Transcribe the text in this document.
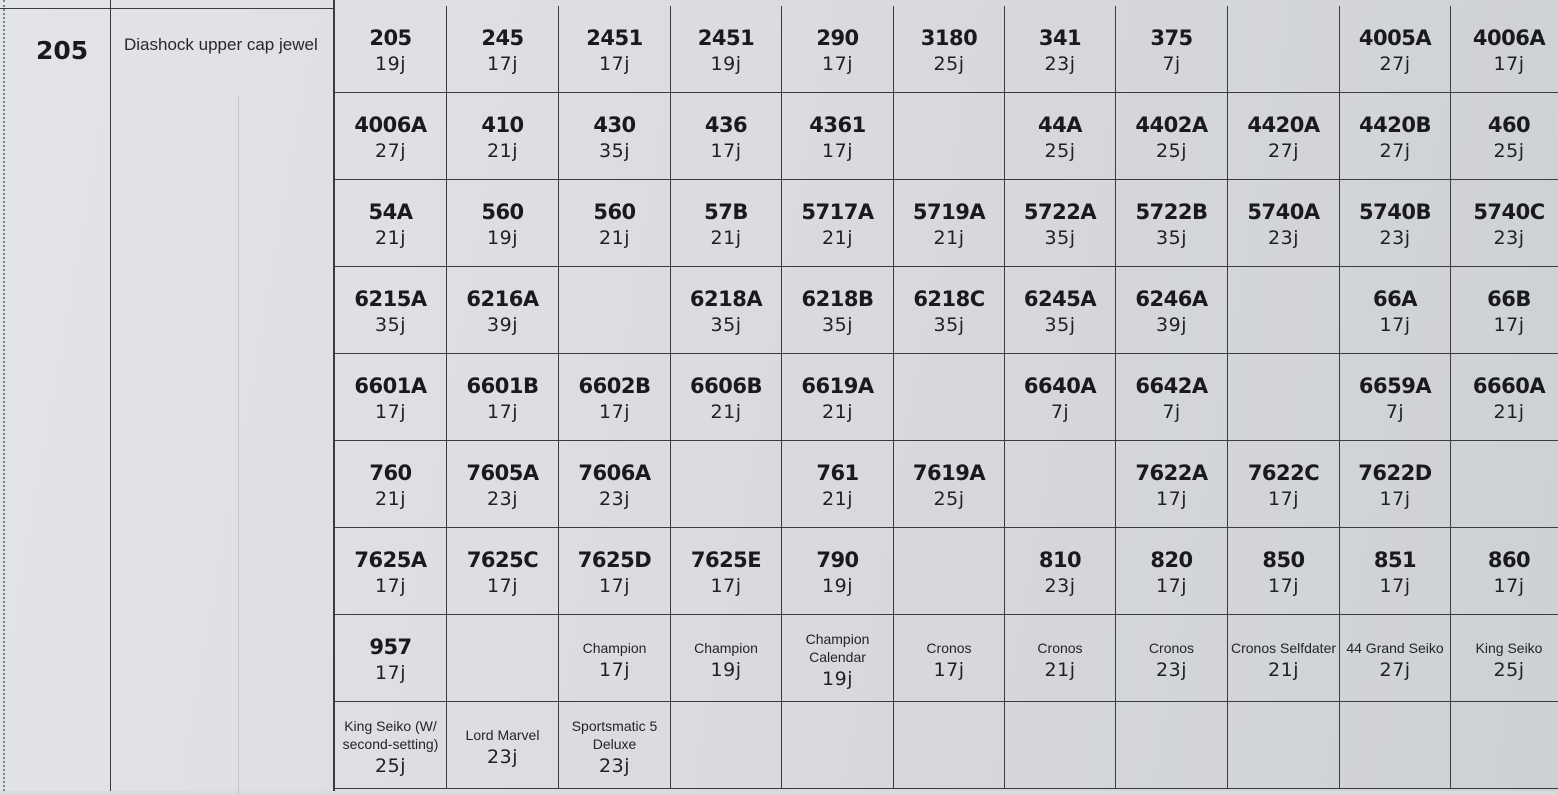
205 Diashock upper cap jewel 205
19j
245
17j
2451
17j
2451
19j
290
17j
3180
25j
341
23j
375
7j
4005A
27j
4006A
17j
4006A
27j
410
21j
430
35j
436
17j
4361
17j
44A
25j
4402A
25j
4420A
27j
4420B
27j
460
25j
54A
21j
560
19j
560
21j
57B
21j
5717A
21j
5719A
21j
5722A
35j
5722B
35j
5740A
23j
5740B
23j
5740C
23j
6215A
35j
6216A
39j
6218A
35j
6218B
35j
6218C
35j
6245A
35j
6246A
39j
66A
17j
66B
17j
6601A
17j
6601B
17j
6602B
17j
6606B
21j
6619A
21j
6640A
7j
6642A
7j
6659A
7j
6660A
21j
760
21j
7605A
23j
7606A
23j
761
21j
7619A
25j
7622A
17j
7622C
17j
7622D
17j
7625A
17j
7625C
17j
7625D
17j
7625E
17j
790
19j
810
23j
820
17j
850
17j
851
17j
860
17j
957
17j
Champion
17j
Champion
19j
Champion Calendar
19j
Cronos
17j
Cronos
21j
Cronos
23j
Cronos Selfdater
21j
44 Grand Seiko
27j
King Seiko
25j
King Seiko (W/ second-setting)
25j
Lord Marvel
23j
Sportsmatic 5 Deluxe
23j
